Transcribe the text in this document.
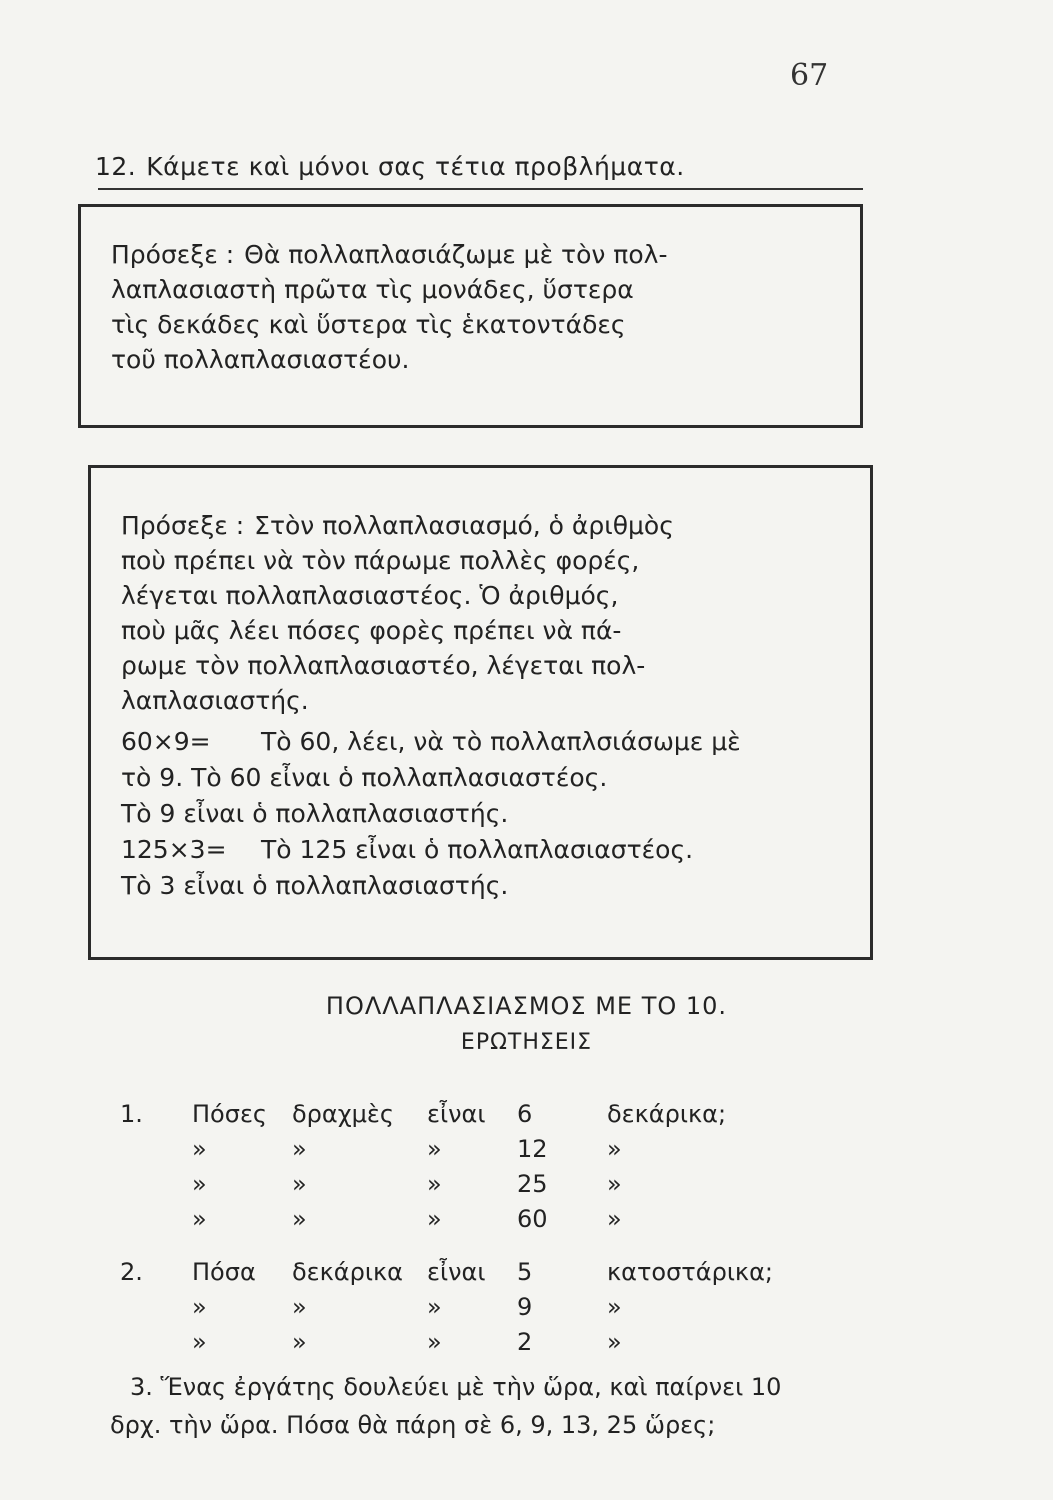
67
12. Κάμετε καὶ μόνοι σας τέτια προβλήματα.
Πρόσεξε : Θὰ πολλαπλασιάζωμε μὲ τὸν πολ-
λαπλασιαστὴ πρῶτα τὶς μονάδες, ὕστερα
τὶς δεκάδες καὶ ὕστερα τὶς ἑκατοντάδες
τοῦ πολλαπλασιαστέου.
Πρόσεξε : Στὸν πολλαπλασιασμό, ὁ ἀριθμὸς
ποὺ πρέπει νὰ τὸν πάρωμε πολλὲς φορές,
λέγεται πολλαπλασιαστέος. Ὁ ἀριθμός,
ποὺ μᾶς λέει πόσες φορὲς πρέπει νὰ πά-
ρωμε τὸν πολλαπλασιαστέο, λέγεται πολ-
λαπλασιαστής.
60×9= Τὸ 60, λέει, νὰ τὸ πολλαπλσιάσωμε μὲ
τὸ 9. Τὸ 60 εἶναι ὁ πολλαπλασιαστέος.
Τὸ 9 εἶναι ὁ πολλαπλασιαστής.
125×3= Τὸ 125 εἶναι ὁ πολλαπλασιαστέος.
Τὸ 3 εἶναι ὁ πολλαπλασιαστής.
ΠΟΛΛΑΠΛΑΣΙΑΣΜΟΣ ΜΕ ΤΟ 10.
ΕΡΩΤΗΣΕΙΣ
1. Πόσες δραχμὲς εἶναι 6	δεκάρικα;
»	»	»	12 »
»	»	»	25 »
»	»	»	60 »
2. Πόσα δεκάρικα εἶναι 5	κατοστάρικα;
»	»	»	9	»
»	»	»	2	»
3. Ἕνας ἐργάτης δουλεύει μὲ τὴν ὥρα, καὶ παίρνει 10
δρχ. τὴν ὥρα. Πόσα θὰ πάρη σὲ 6, 9, 13, 25 ὥρες;
